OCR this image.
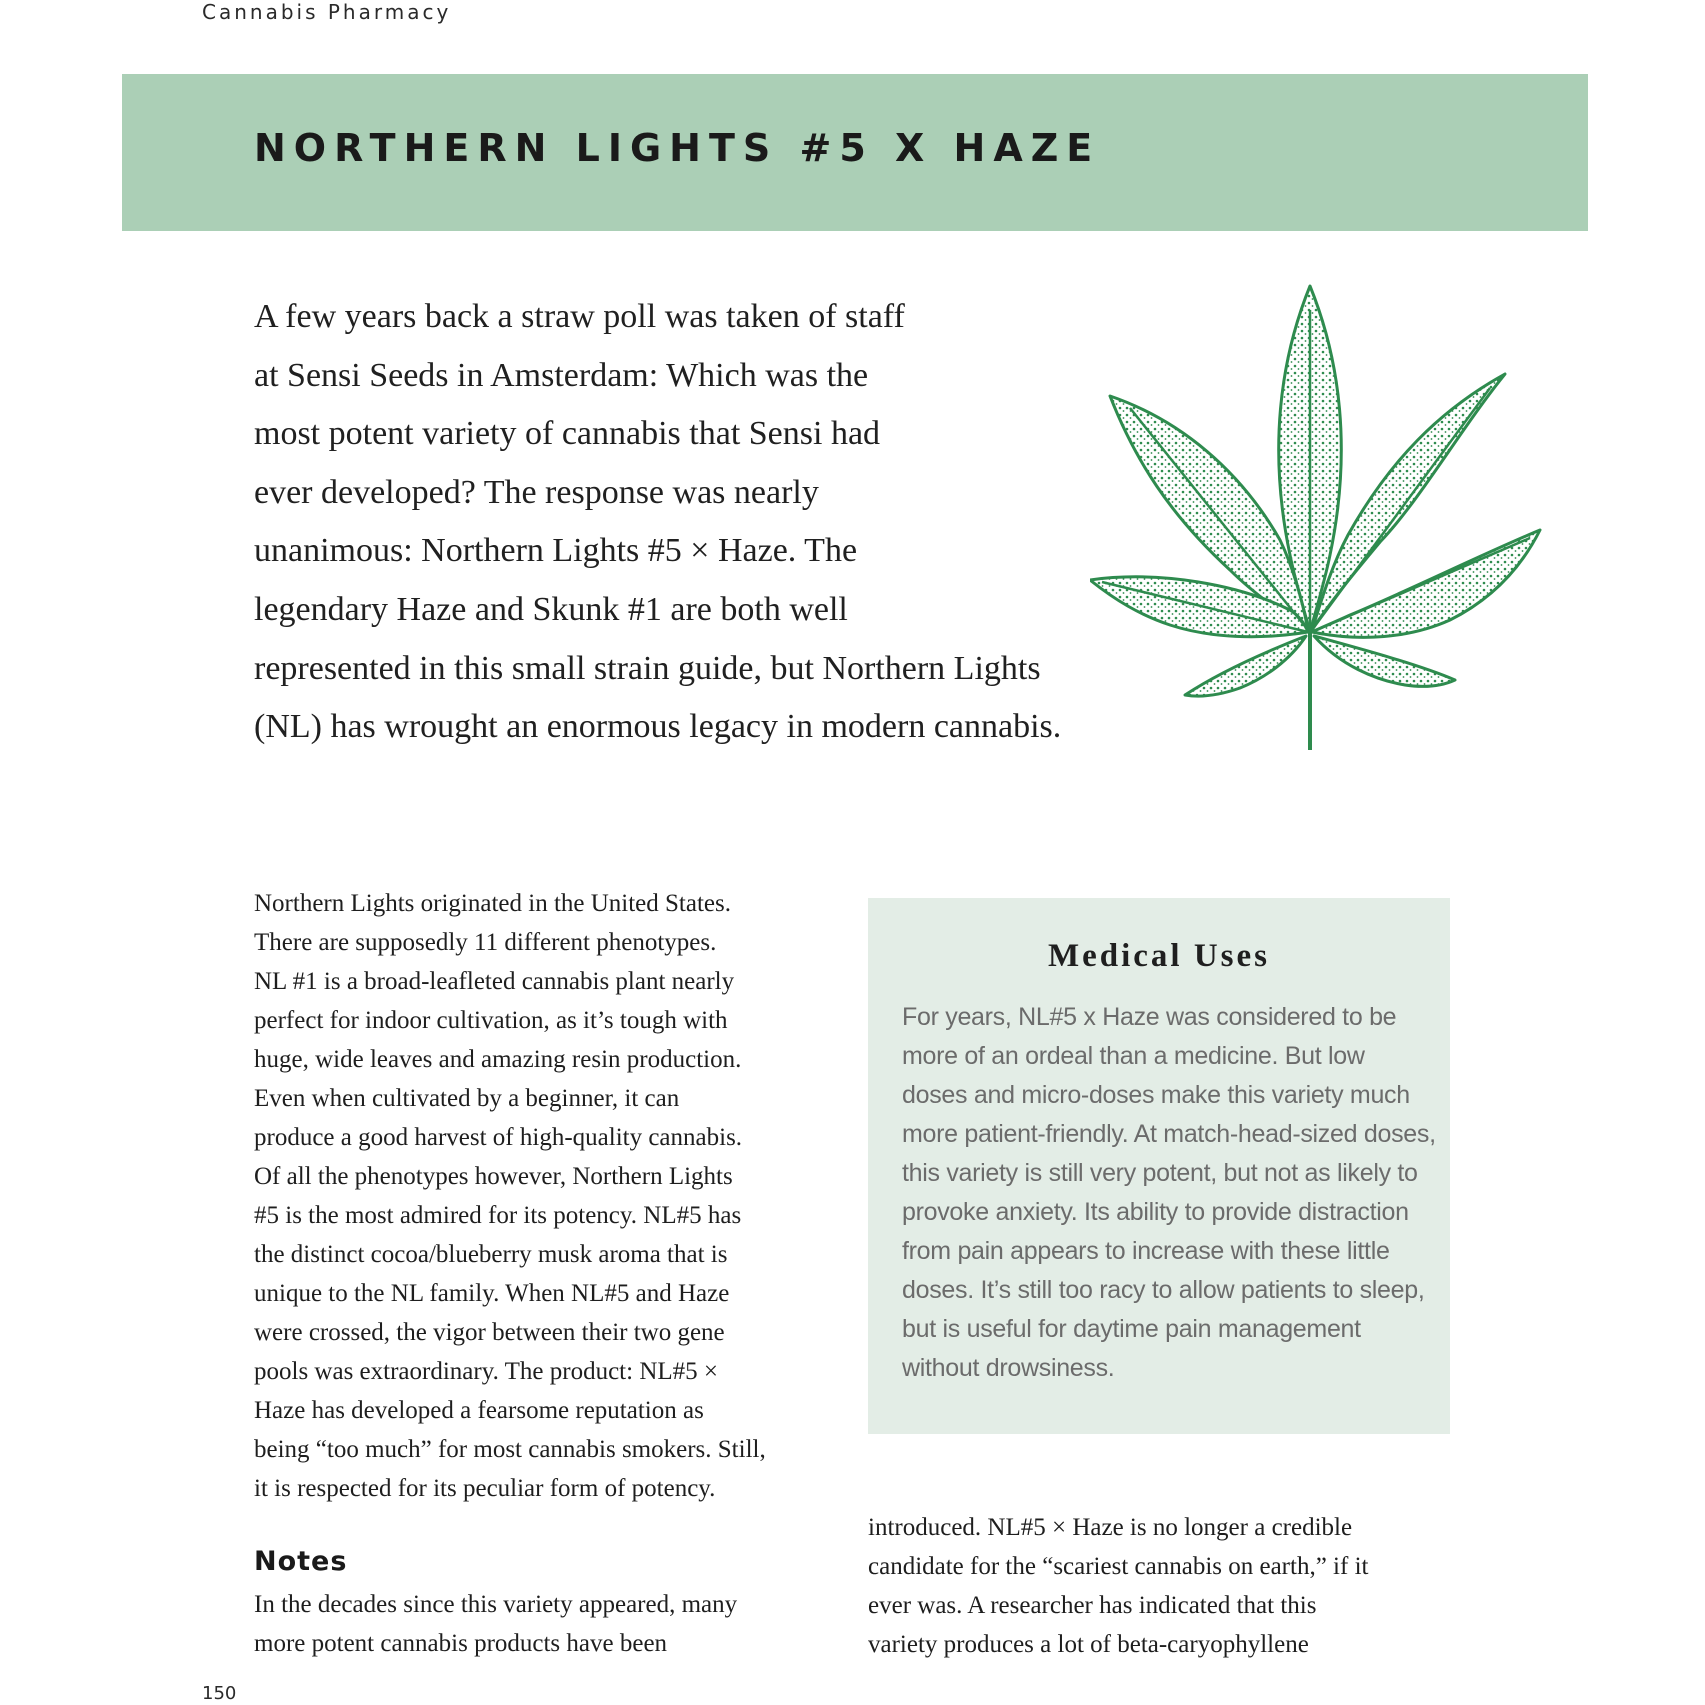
Cannabis Pharmacy
NORTHERN LIGHTS #5 X HAZE
A few years back a straw poll was taken of staff
at Sensi Seeds in Amsterdam: Which was the
most potent variety of cannabis that Sensi had
ever developed? The response was nearly
unanimous: Northern Lights #5 × Haze. The
legendary Haze and Skunk #1 are both well
represented in this small strain guide, but Northern Lights
(NL) has wrought an enormous legacy in modern cannabis.
Northern Lights originated in the United States.
There are supposedly 11 different phenotypes.
NL #1 is a broad-leafleted cannabis plant nearly
perfect for indoor cultivation, as it’s tough with
huge, wide leaves and amazing resin production.
Even when cultivated by a beginner, it can
produce a good harvest of high-quality cannabis.
Of all the phenotypes however, Northern Lights
#5 is the most admired for its potency. NL#5 has
the distinct cocoa/blueberry musk aroma that is
unique to the NL family. When NL#5 and Haze
were crossed, the vigor between their two gene
pools was extraordinary. The product: NL#5 ×
Haze has developed a fearsome reputation as
being “too much” for most cannabis smokers. Still,
it is respected for its peculiar form of potency.
Notes
In the decades since this variety appeared, many
more potent cannabis products have been
Medical Uses
For years, NL#5 x Haze was considered to be
more of an ordeal than a medicine. But low
doses and micro-doses make this variety much
more patient-friendly. At match-head-sized doses,
this variety is still very potent, but not as likely to
provoke anxiety. Its ability to provide distraction
from pain appears to increase with these little
doses. It’s still too racy to allow patients to sleep,
but is useful for daytime pain management
without drowsiness.
introduced. NL#5 × Haze is no longer a credible
candidate for the “scariest cannabis on earth,” if it
ever was. A researcher has indicated that this
variety produces a lot of beta-caryophyllene
150
